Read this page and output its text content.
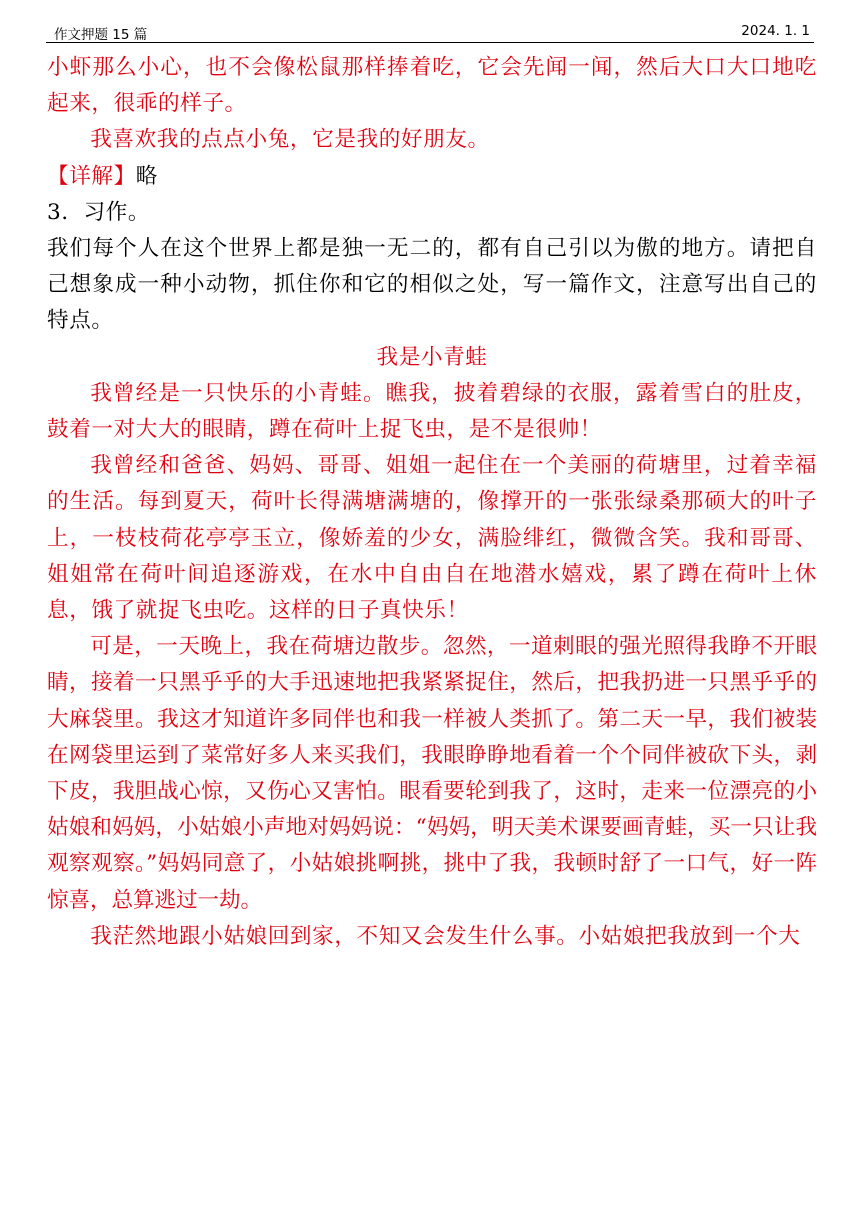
作文押题 15 篇	2024. 1. 1

小虾那么小心，也不会像松鼠那样捧着吃，它会先闻一闻，然后大口大口地吃起来，很乖的样子。

我喜欢我的点点小兔，它是我的好朋友。

【详解】略

3．习作。

我们每个人在这个世界上都是独一无二的，都有自己引以为傲的地方。请把自己想象成一种小动物，抓住你和它的相似之处，写一篇作文，注意写出自己的特点。

我是小青蛙

我曾经是一只快乐的小青蛙。瞧我，披着碧绿的衣服，露着雪白的肚皮，鼓着一对大大的眼睛，蹲在荷叶上捉飞虫，是不是很帅！

我曾经和爸爸、妈妈、哥哥、姐姐一起住在一个美丽的荷塘里，过着幸福的生活。每到夏天，荷叶长得满塘满塘的，像撑开的一张张绿桑那硕大的叶子上，一枝枝荷花亭亭玉立，像娇羞的少女，满脸绯红，微微含笑。我和哥哥、姐姐常在荷叶间追逐游戏，在水中自由自在地潜水嬉戏，累了蹲在荷叶上休息，饿了就捉飞虫吃。这样的日子真快乐！

可是，一天晚上，我在荷塘边散步。忽然，一道刺眼的强光照得我睁不开眼睛，接着一只黑乎乎的大手迅速地把我紧紧捉住，然后，把我扔进一只黑乎乎的大麻袋里。我这才知道许多同伴也和我一样被人类抓了。第二天一早，我们被装在网袋里运到了菜常好多人来买我们，我眼睁睁地看着一个个同伴被砍下头，剥下皮，我胆战心惊，又伤心又害怕。眼看要轮到我了，这时，走来一位漂亮的小姑娘和妈妈，小姑娘小声地对妈妈说：“妈妈，明天美术课要画青蛙，买一只让我观察观察。”妈妈同意了，小姑娘挑啊挑，挑中了我，我顿时舒了一口气，好一阵惊喜，总算逃过一劫。

我茫然地跟小姑娘回到家，不知又会发生什么事。小姑娘把我放到一个大
